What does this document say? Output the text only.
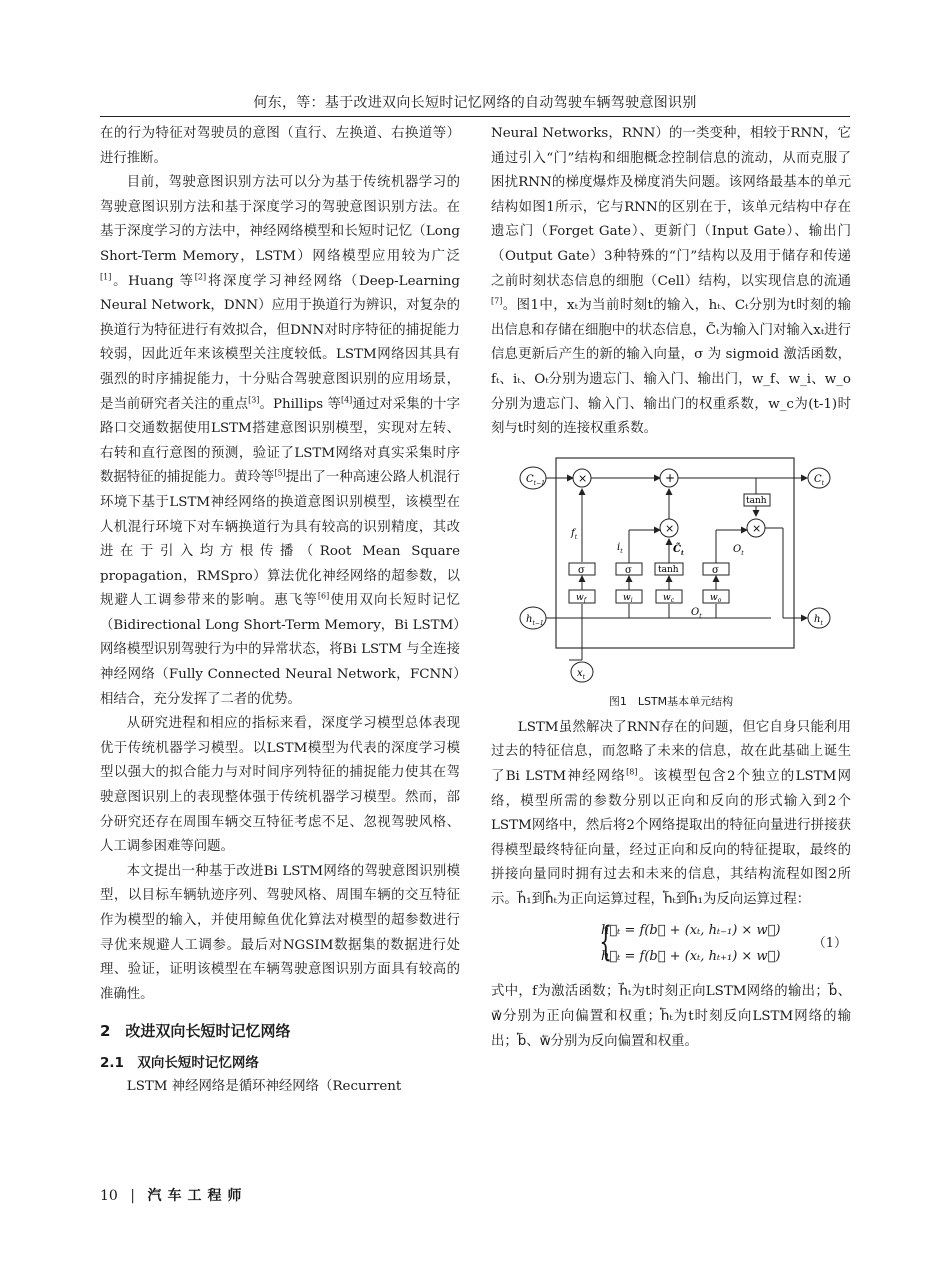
何东，等：基于改进双向长短时记忆网络的自动驾驶车辆驾驶意图识别

在的行为特征对驾驶员的意图（直行、左换道、右换道等）进行推断。

目前，驾驶意图识别方法可以分为基于传统机器学习的驾驶意图识别方法和基于深度学习的驾驶意图识别方法。在基于深度学习的方法中，神经网络模型和长短时记忆（Long Short-Term Memory，LSTM）网络模型应用较为广泛[1]。Huang 等[2]将深度学习神经网络（Deep-Learning Neural Network，DNN）应用于换道行为辨识，对复杂的换道行为特征进行有效拟合，但DNN对时序特征的捕捉能力较弱，因此近年来该模型关注度较低。LSTM网络因其具有强烈的时序捕捉能力，十分贴合驾驶意图识别的应用场景，是当前研究者关注的重点[3]。Phillips 等[4]通过对采集的十字路口交通数据使用LSTM搭建意图识别模型，实现对左转、右转和直行意图的预测，验证了LSTM网络对真实采集时序数据特征的捕捉能力。黄玲等[5]提出了一种高速公路人机混行环境下基于LSTM神经网络的换道意图识别模型，该模型在人机混行环境下对车辆换道行为具有较高的识别精度，其改进在于引入均方根传播（Root Mean Square propagation，RMSpro）算法优化神经网络的超参数，以规避人工调参带来的影响。惠飞等[6]使用双向长短时记忆（Bidirectional Long Short-Term Memory，Bi LSTM）网络模型识别驾驶行为中的异常状态，将Bi LSTM 与全连接神经网络（Fully Connected Neural Network，FCNN）相结合，充分发挥了二者的优势。

从研究进程和相应的指标来看，深度学习模型总体表现优于传统机器学习模型。以LSTM模型为代表的深度学习模型以强大的拟合能力与对时间序列特征的捕捉能力使其在驾驶意图识别上的表现整体强于传统机器学习模型。然而，部分研究还存在周围车辆交互特征考虑不足、忽视驾驶风格、人工调参困难等问题。

本文提出一种基于改进Bi LSTM网络的驾驶意图识别模型，以目标车辆轨迹序列、驾驶风格、周围车辆的交互特征作为模型的输入，并使用鲸鱼优化算法对模型的超参数进行寻优来规避人工调参。最后对NGSIM数据集的数据进行处理、验证，证明该模型在车辆驾驶意图识别方面具有较高的准确性。

2　改进双向长短时记忆网络

2.1　双向长短时记忆网络

LSTM 神经网络是循环神经网络（Recurrent

Neural Networks，RNN）的一类变种，相较于RNN，它通过引入“门”结构和细胞概念控制信息的流动，从而克服了困扰RNN的梯度爆炸及梯度消失问题。该网络最基本的单元结构如图1所示，它与RNN的区别在于，该单元结构中存在遗忘门（Forget Gate）、更新门（Input Gate）、输出门（Output Gate）3种特殊的“门”结构以及用于储存和传递之前时刻状态信息的细胞（Cell）结构，以实现信息的流通[7]。图1中，xₜ为当前时刻t的输入，hₜ、Cₜ分别为t时刻的输出信息和存储在细胞中的状态信息，C̃ₜ为输入门对输入xₜ进行信息更新后产生的新的输入向量，σ 为 sigmoid 激活函数，fₜ、iₜ、Oₜ分别为遗忘门、输入门、输出门，w_f、w_i、w_o分别为遗忘门、输入门、输出门的权重系数，w_c为(t-1)时刻与t时刻的连接权重系数。

$C_{t-1}$	$C_t$
×	+
tanh
×
×
$f_t$
σ	σ	tanh	σ
$i_t$	$C̃_t$	$O_t$
$w_f$	$w_i$	$w_c$	$w_o$
$h_{t-1}$
$O_t$	$h_t$
$x_t$

图1　LSTM基本单元结构

LSTM虽然解决了RNN存在的问题，但它自身只能利用过去的特征信息，而忽略了未来的信息，故在此基础上诞生了Bi LSTM神经网络[8]。该模型包含2个独立的LSTM网络，模型所需的参数分别以正向和反向的形式输入到2个LSTM网络中，然后将2个网络提取出的特征向量进行拼接获得模型最终特征向量，经过正向和反向的特征提取，最终的拼接向量同时拥有过去和未来的信息，其结构流程如图2所示。h⃗₁到h⃗ₜ为正向运算过程，h⃖ₜ到h⃖₁为反向运算过程：

{
h⃗ₜ = f(b⃗ + (xₜ, hₜ₋₁) × w⃗)
h⃖ₜ = f(b⃖ + (xₜ, hₜ₊₁) × w⃖)
（1）

式中，f为激活函数；h⃗ₜ为t时刻正向LSTM网络的输出；b⃗、w⃗分别为正向偏置和权重；h⃖ₜ为t时刻反向LSTM网络的输出；b⃖、w⃖分别为反向偏置和权重。

10 | 汽车工程师
